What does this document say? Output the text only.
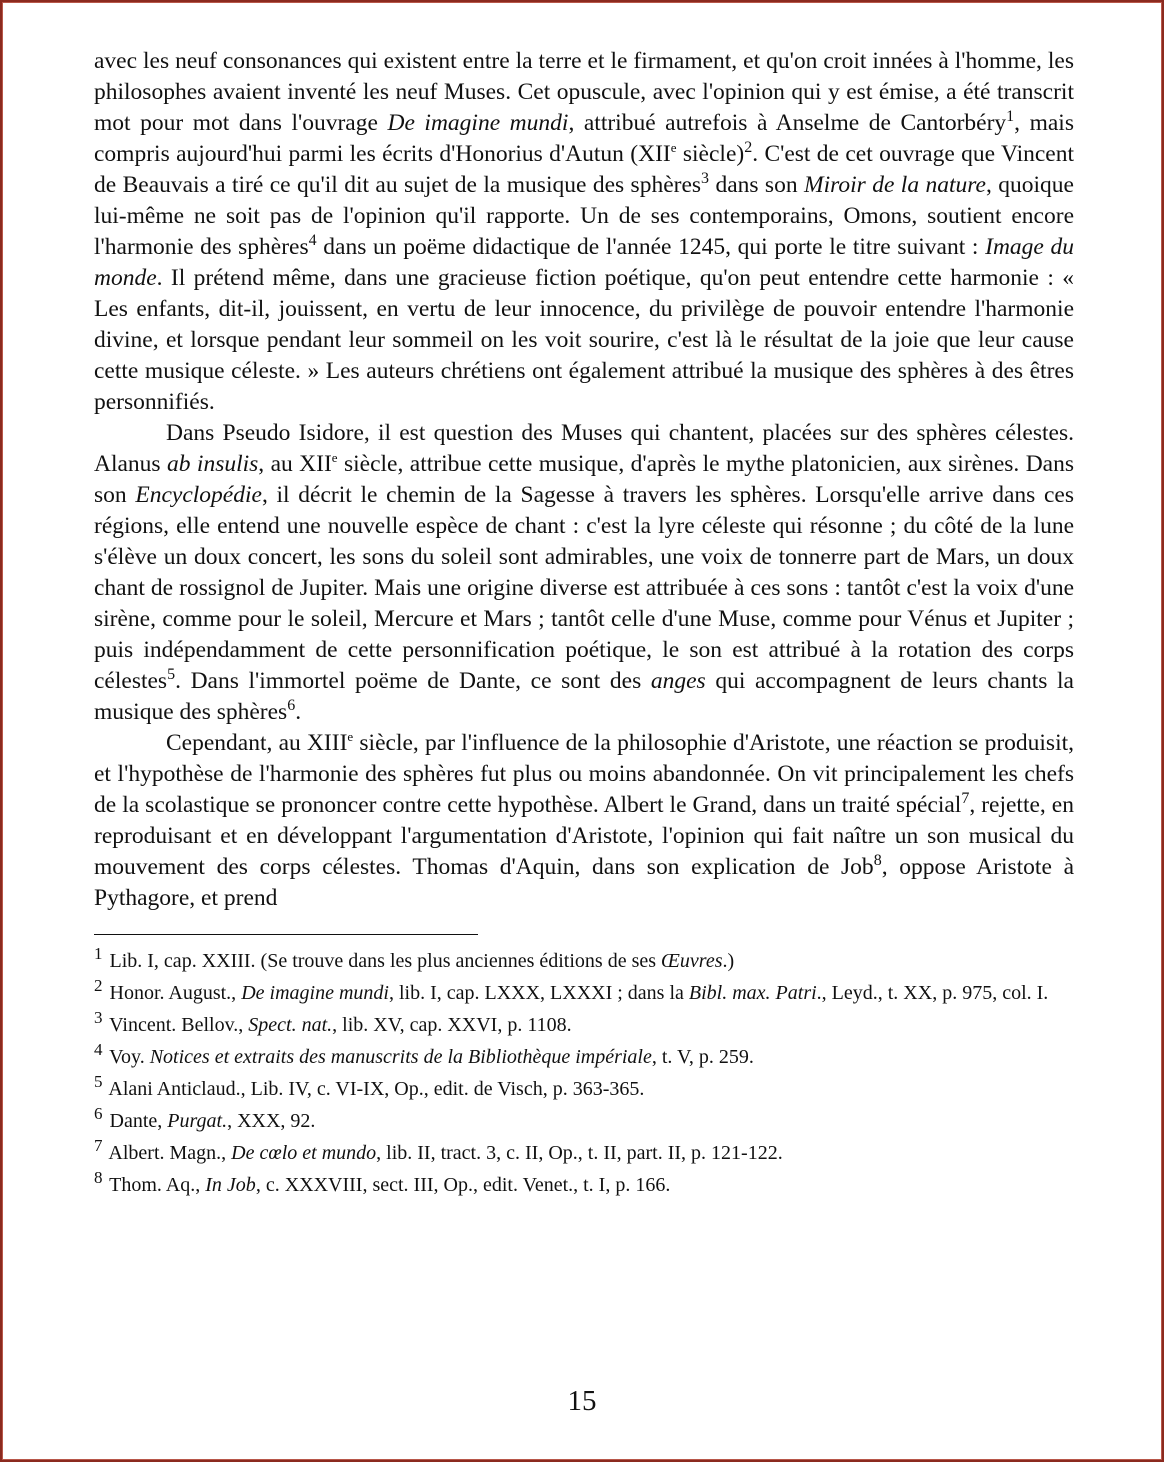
avec les neuf consonances qui existent entre la terre et le firmament, et qu'on croit innées à l'homme, les philosophes avaient inventé les neuf Muses. Cet opuscule, avec l'opinion qui y est émise, a été transcrit mot pour mot dans l'ouvrage De imagine mundi, attribué autrefois à Anselme de Cantorbéry$^1$, mais compris aujourd'hui parmi les écrits d'Honorius d'Autun (XIIe siècle)$^2$. C'est de cet ouvrage que Vincent de Beauvais a tiré ce qu'il dit au sujet de la musique des sphères$^3$ dans son Miroir de la nature, quoique lui-même ne soit pas de l'opinion qu'il rapporte. Un de ses contemporains, Omons, soutient encore l'harmonie des sphères$^4$ dans un poëme didactique de l'année 1245, qui porte le titre suivant : Image du monde. Il prétend même, dans une gracieuse fiction poétique, qu'on peut entendre cette harmonie : « Les enfants, dit-il, jouissent, en vertu de leur innocence, du privilège de pouvoir entendre l'harmonie divine, et lorsque pendant leur sommeil on les voit sourire, c'est là le résultat de la joie que leur cause cette musique céleste. » Les auteurs chrétiens ont également attribué la musique des sphères à des êtres personnifiés.

Dans Pseudo Isidore, il est question des Muses qui chantent, placées sur des sphères célestes. Alanus ab insulis, au XIIe siècle, attribue cette musique, d'après le mythe platonicien, aux sirènes. Dans son Encyclopédie, il décrit le chemin de la Sagesse à travers les sphères. Lorsqu'elle arrive dans ces régions, elle entend une nouvelle espèce de chant : c'est la lyre céleste qui résonne ; du côté de la lune s'élève un doux concert, les sons du soleil sont admirables, une voix de tonnerre part de Mars, un doux chant de rossignol de Jupiter. Mais une origine diverse est attribuée à ces sons : tantôt c'est la voix d'une sirène, comme pour le soleil, Mercure et Mars ; tantôt celle d'une Muse, comme pour Vénus et Jupiter ; puis indépendamment de cette personnification poétique, le son est attribué à la rotation des corps célestes$^5$. Dans l'immortel poëme de Dante, ce sont des anges qui accompagnent de leurs chants la musique des sphères$^6$.

Cependant, au XIIIe siècle, par l'influence de la philosophie d'Aristote, une réaction se produisit, et l'hypothèse de l'harmonie des sphères fut plus ou moins abandonnée. On vit principalement les chefs de la scolastique se prononcer contre cette hypothèse. Albert le Grand, dans un traité spécial$^7$, rejette, en reproduisant et en développant l'argumentation d'Aristote, l'opinion qui fait naître un son musical du mouvement des corps célestes. Thomas d'Aquin, dans son explication de Job$^8$, oppose Aristote à Pythagore, et prend

$^1$ Lib. I, cap. XXIII. (Se trouve dans les plus anciennes éditions de ses Œuvres.)

$^2$ Honor. August., De imagine mundi, lib. I, cap. LXXX, LXXXI ; dans la Bibl. max. Patri., Leyd., t. XX, p. 975, col. I.

$^3$ Vincent. Bellov., Spect. nat., lib. XV, cap. XXVI, p. 1108.

$^4$ Voy. Notices et extraits des manuscrits de la Bibliothèque impériale, t. V, p. 259.

$^5$ Alani Anticlaud., Lib. IV, c. VI-IX, Op., edit. de Visch, p. 363-365.

$^6$ Dante, Purgat., XXX, 92.

$^7$ Albert. Magn., De cœlo et mundo, lib. II, tract. 3, c. II, Op., t. II, part. II, p. 121-122.

$^8$ Thom. Aq., In Job, c. XXXVIII, sect. III, Op., edit. Venet., t. I, p. 166.

15
